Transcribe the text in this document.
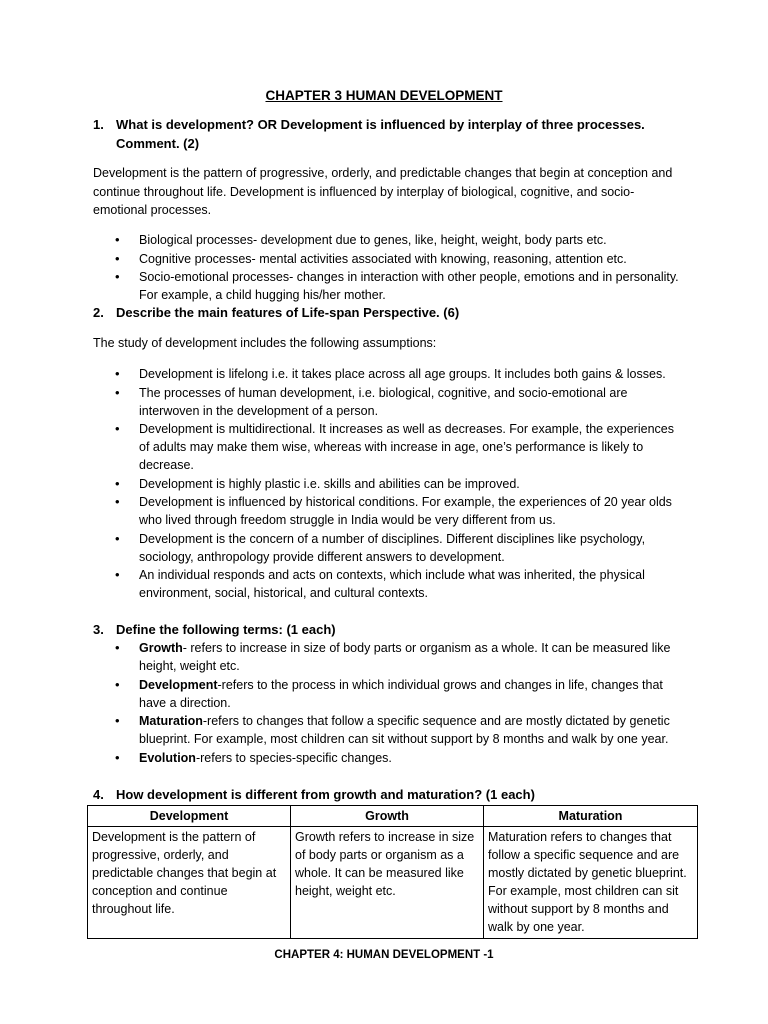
CHAPTER 3 HUMAN DEVELOPMENT
1. What is development? OR Development is influenced by interplay of three processes. Comment. (2)
Development is the pattern of progressive, orderly, and predictable changes that begin at conception and continue throughout life. Development is influenced by interplay of biological, cognitive, and socio-emotional processes.
• Biological processes- development due to genes, like, height, weight, body parts etc.
• Cognitive processes- mental activities associated with knowing, reasoning, attention etc.
• Socio-emotional processes- changes in interaction with other people, emotions and in personality. For example, a child hugging his/her mother.
2. Describe the main features of Life-span Perspective. (6)
The study of development includes the following assumptions:
• Development is lifelong i.e. it takes place across all age groups. It includes both gains & losses.
• The processes of human development, i.e. biological, cognitive, and socio-emotional are interwoven in the development of a person.
• Development is multidirectional. It increases as well as decreases. For example, the experiences of adults may make them wise, whereas with increase in age, one’s performance is likely to decrease.
• Development is highly plastic i.e. skills and abilities can be improved.
• Development is influenced by historical conditions. For example, the experiences of 20 year olds who lived through freedom struggle in India would be very different from us.
• Development is the concern of a number of disciplines. Different disciplines like psychology, sociology, anthropology provide different answers to development.
• An individual responds and acts on contexts, which include what was inherited, the physical environment, social, historical, and cultural contexts.
3. Define the following terms: (1 each)
• Growth- refers to increase in size of body parts or organism as a whole. It can be measured like height, weight etc.
• Development-refers to the process in which individual grows and changes in life, changes that have a direction.
• Maturation-refers to changes that follow a specific sequence and are mostly dictated by genetic blueprint. For example, most children can sit without support by 8 months and walk by one year.
• Evolution-refers to species-specific changes.
4. How development is different from growth and maturation? (1 each)
Development	Growth	Maturation
Development is the pattern of progressive, orderly, and predictable changes that begin at conception and continue throughout life.	Growth refers to increase in size of body parts or organism as a whole. It can be measured like height, weight etc.	Maturation refers to changes that follow a specific sequence and are mostly dictated by genetic blueprint. For example, most children can sit without support by 8 months and walk by one year.
CHAPTER 4: HUMAN DEVELOPMENT -1
